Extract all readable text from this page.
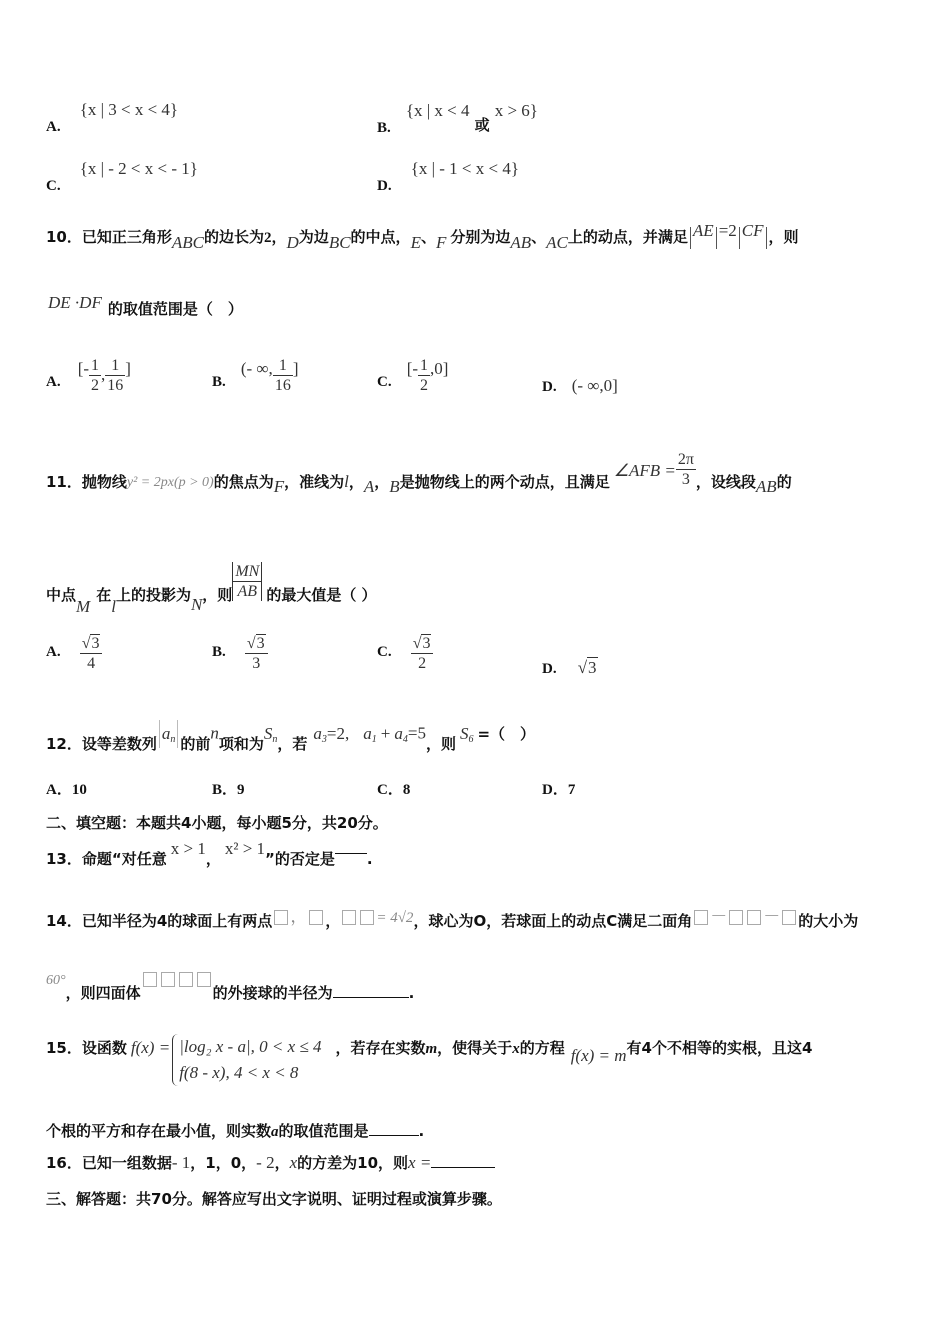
A. {x | 3 < x < 4}
B. {x | x < 4 或 x > 6}
C. {x | - 2 < x < - 1}
D. {x | - 1 < x < 4}
10．已知正三角形ABC的边长为2，D为边BC的中点，E、F 分别为边AB、AC上的动点，并满足 AE =2 CF ，则
DE ·DF 的取值范围是（　）
A. [- $\frac{1}{2}$ , $\frac{1}{16}$ ]
B. (- ∞, $\frac{1}{16}$ ]
C. [- $\frac{1}{2} ,0$]
D. (- ∞,0]
11．抛物线y² = 2px(p > 0)的焦点为F，准线为l，A，B是抛物线上的两个动点，且满足∠AFB = $\frac{2\pi}{3}$ ，设线段AB的
中点M在l上的投影为N，则 $\frac{MN}{AB}$ 的最大值是（ ）
A. $\frac{√3}{4}$	B. $\frac{√3}{3}$	C. $\frac{√3}{2}$	D. √3
12．设等差数列$a_n$ 的前n项和为$S_n$，若$a_3=2$, $a_1 + a_4=5$，则$S_6$ =（　）
A．10	B．9	C．8	D．7
二、填空题：本题共4小题，每小题5分，共20分。
13．命题“对任意x > 1，x² > 1”的否定是 .
14．已知半径为4的球面上有两点 ， ， = 4√2，球心为O，若球面上的动点C满足二面角 － － 的大小为
60°，则四面体	的外接球的半径为	.
15．设函数 f(x) = |log₂ x - a|, 0 < x ≤ 4
f(8 - x), 4 < x < 8
，若存在实数m，使得关于x的方程 f(x) = m有4个不相等的实根，且这4
个根的平方和存在最小值，则实数a的取值范围是	.
16．已知一组数据- 1，1，0，- 2，x的方差为10，则x =
三、解答题：共70分。解答应写出文字说明、证明过程或演算步骤。
